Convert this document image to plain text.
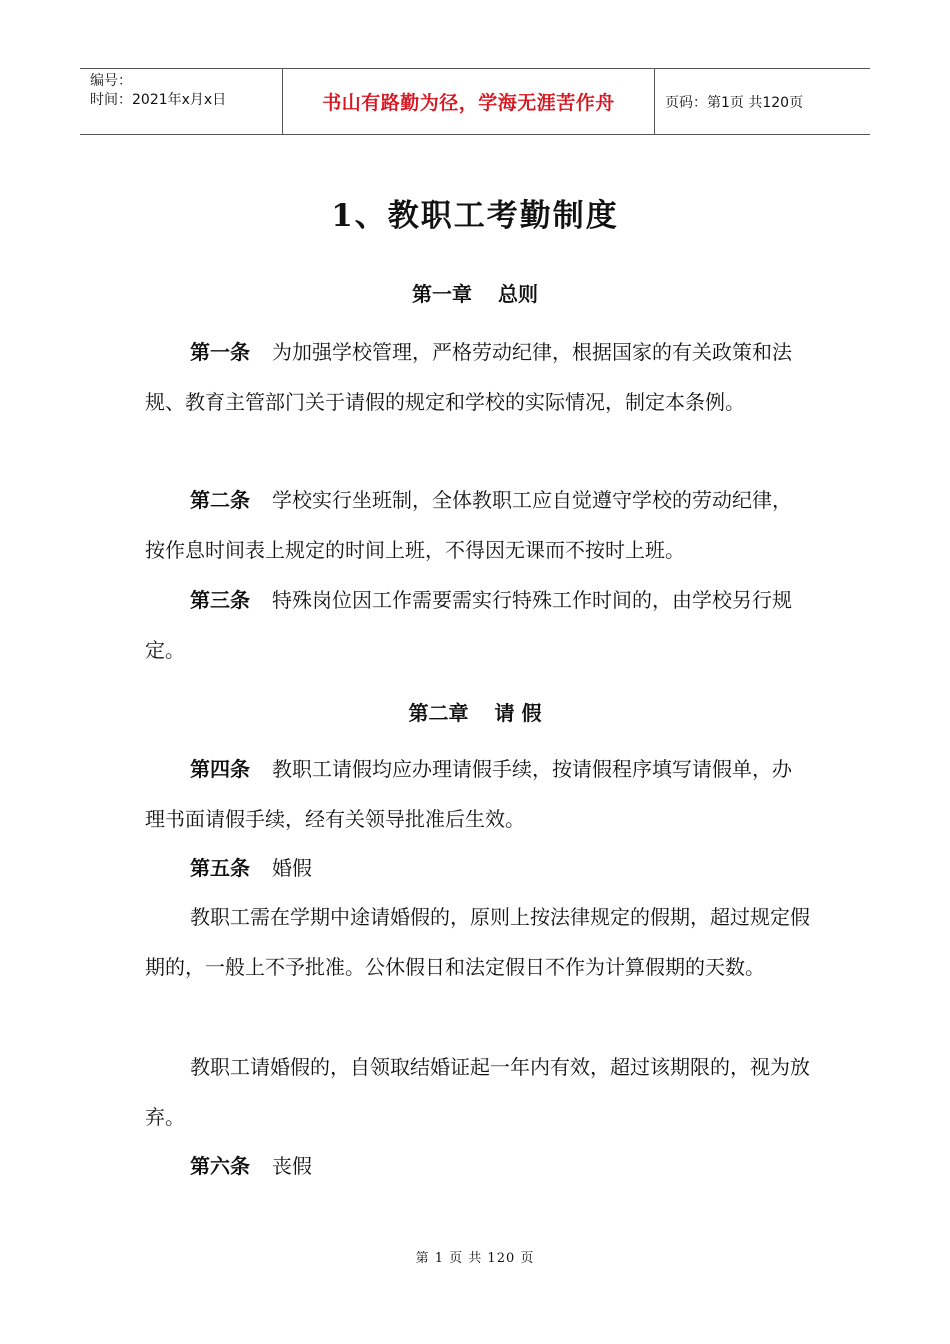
编号：
时间：2021年x月x日	书山有路勤为径，学海无涯苦作舟	页码：第1页 共120页
1、教职工考勤制度
第一章 总则

第一条 为加强学校管理，严格劳动纪律，根据国家的有关政策和法规、教育主管部门关于请假的规定和学校的实际情况，制定本条例。

第二条 学校实行坐班制，全体教职工应自觉遵守学校的劳动纪律，按作息时间表上规定的时间上班，不得因无课而不按时上班。

第三条 特殊岗位因工作需要需实行特殊工作时间的，由学校另行规定。

第二章 请 假

第四条 教职工请假均应办理请假手续，按请假程序填写请假单，办理书面请假手续，经有关领导批准后生效。

第五条 婚假

教职工需在学期中途请婚假的，原则上按法律规定的假期，超过规定假期的，一般上不予批准。公休假日和法定假日不作为计算假期的天数。

教职工请婚假的，自领取结婚证起一年内有效，超过该期限的，视为放弃。

第六条 丧假

第 1 页 共 120 页
